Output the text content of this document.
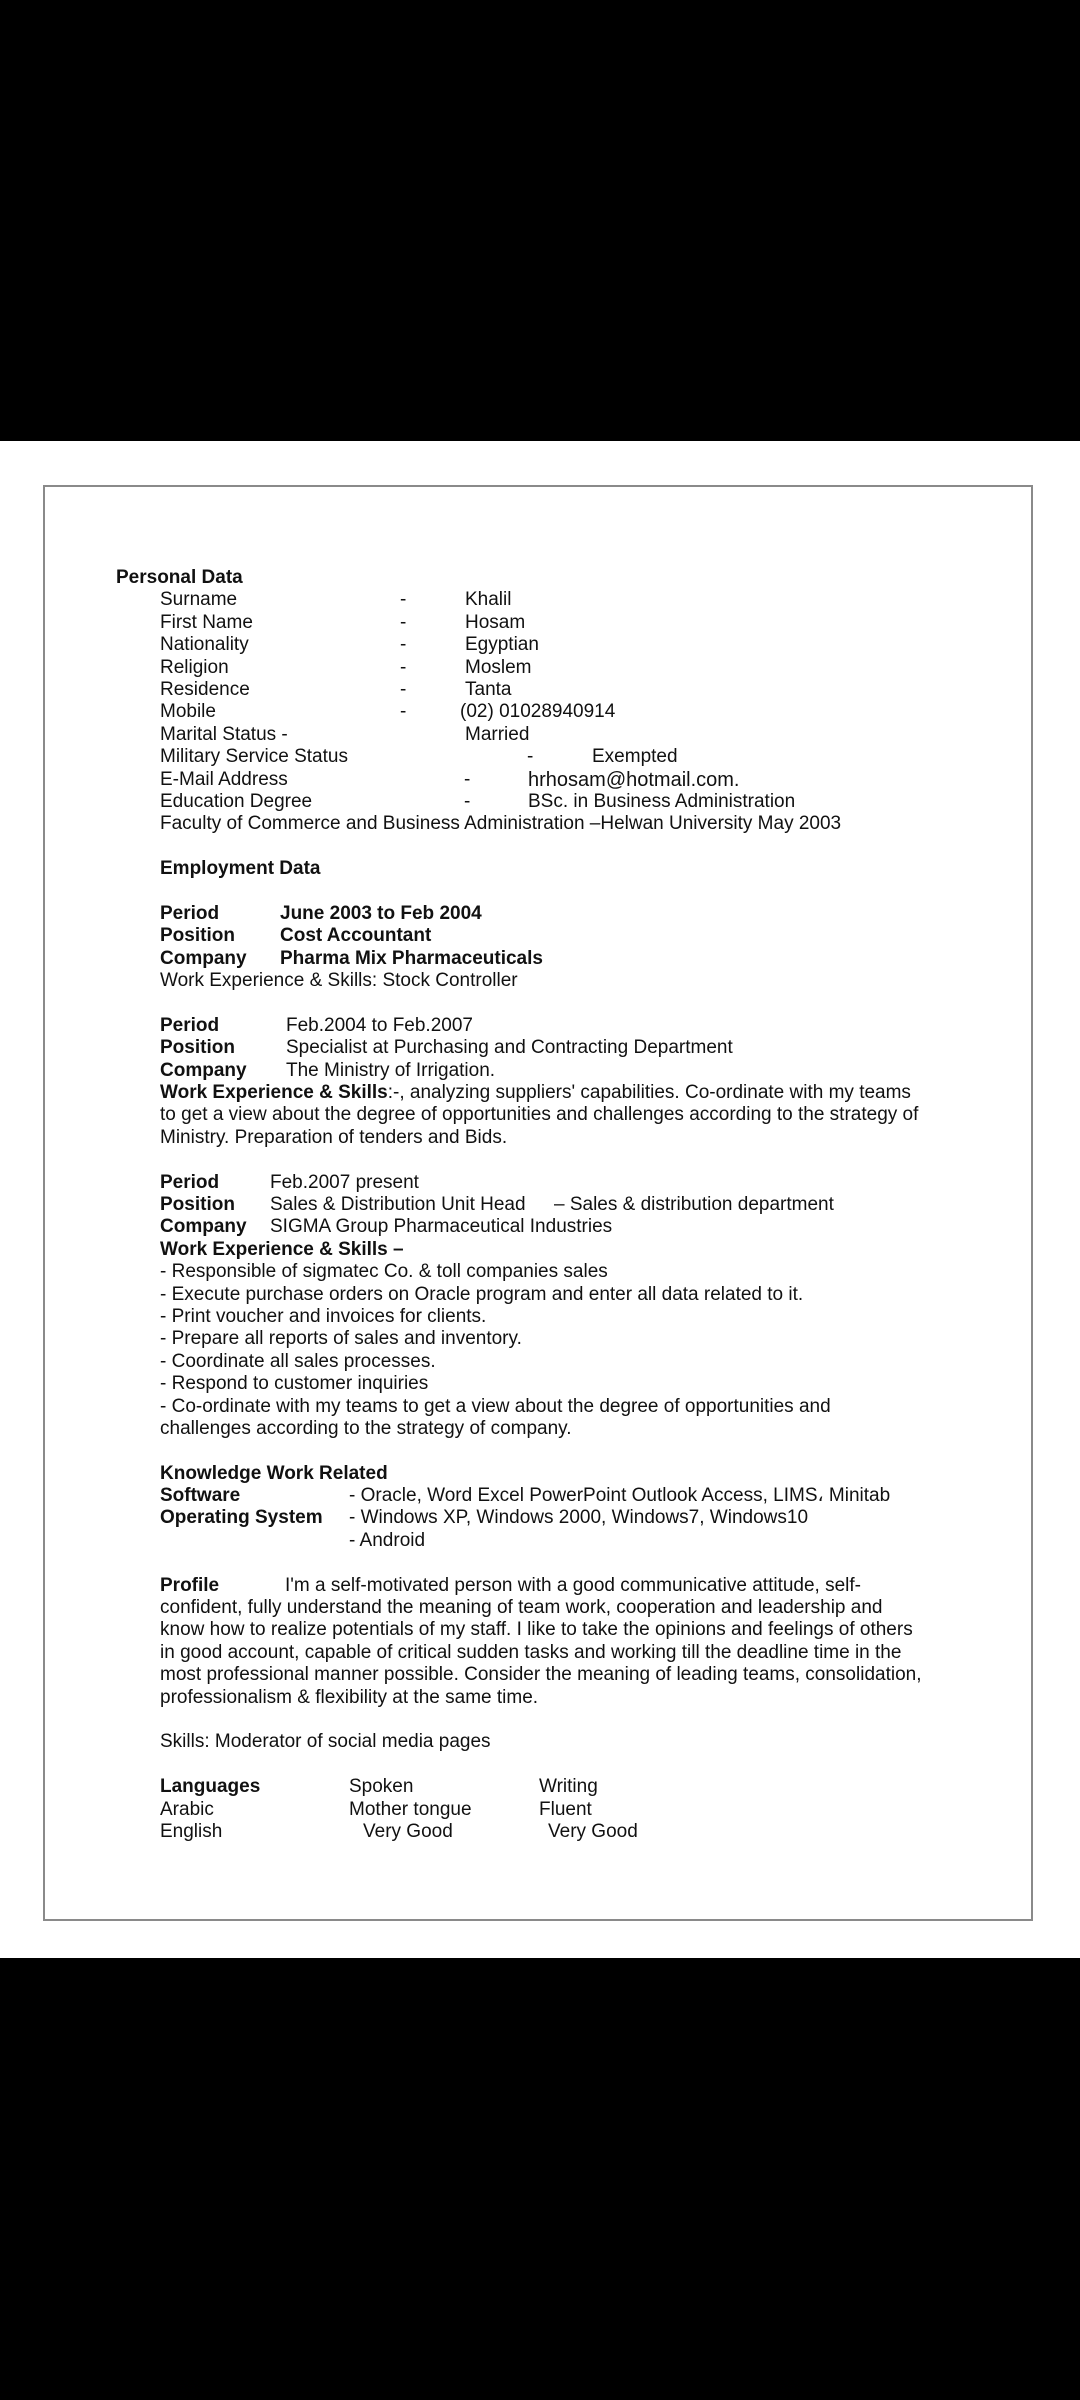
Personal Data
Surname	-	Khalil
First Name	-	Hosam
Nationality	-	Egyptian
Religion	-	Moslem
Residence	-	Tanta
Mobile	-	(02) 01028940914
Marital Status -	Married
Military Service Status	-	Exempted
E-Mail Address	-	hrhosam@hotmail.com.
Education Degree	-	BSc. in Business Administration
Faculty of Commerce and Business Administration –Helwan University May 2003
Employment Data
Period	June 2003 to Feb 2004
Position Cost Accountant
Company Pharma Mix Pharmaceuticals
Work Experience & Skills: Stock Controller
Period	Feb.2004 to Feb.2007
Position	Specialist at Purchasing and Contracting Department
Company The Ministry of Irrigation.
Work Experience & Skills:-, analyzing suppliers' capabilities. Co-ordinate with my teams to get a view about the degree of opportunities and challenges according to the strategy of Ministry. Preparation of tenders and Bids.
Period	Feb.2007 present
Position Sales & Distribution Unit Head – Sales & distribution department
Company SIGMA Group Pharmaceutical Industries
Work Experience & Skills –
- Responsible of sigmatec Co. & toll companies sales
- Execute purchase orders on Oracle program and enter all data related to it.
- Print voucher and invoices for clients.
- Prepare all reports of sales and inventory.
- Coordinate all sales processes.
- Respond to customer inquiries
- Co-ordinate with my teams to get a view about the degree of opportunities and challenges according to the strategy of company.
Knowledge Work Related
Software	- Oracle, Word Excel PowerPoint Outlook Access, LIMS، Minitab
Operating System - Windows XP, Windows 2000, Windows7, Windows10
- Android
Profile	I'm a self-motivated person with a good communicative attitude, self-confident, fully understand the meaning of team work, cooperation and leadership and know how to realize potentials of my staff. I like to take the opinions and feelings of others in good account, capable of critical sudden tasks and working till the deadline time in the most professional manner possible. Consider the meaning of leading teams, consolidation, professionalism & flexibility at the same time.
Skills: Moderator of social media pages
Languages	Spoken	Writing
Arabic	Mother tongue	Fluent
English	Very Good	Very Good
